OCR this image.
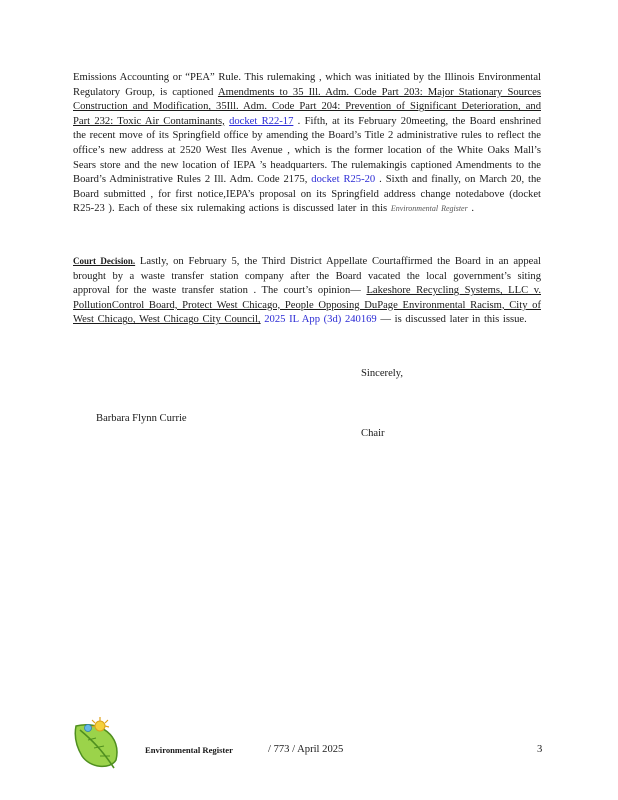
Emissions Accounting or “PEA” Rule. This rulemaking , which was initiated by the Illinois Environmental Regulatory Group, is captioned Amendments to 35 Ill. Adm. Code Part 203: Major Stationary Sources Construction and Modification, 35Ill. Adm. Code Part 204: Prevention of Significant Deterioration, and Part 232: Toxic Air Contaminants, docket R22-17 . Fifth, at its February 20meeting, the Board enshrined the recent move of its Springfield office by amending the Board’s Title 2 administrative rules to reflect the office’s new address at 2520 West Iles Avenue , which is the former location of the White Oaks Mall’s Sears store and the new location of IEPA ’s headquarters. The rulemakingis captioned Amendments to the Board’s Administrative Rules 2 Ill. Adm. Code 2175, docket R25-20 . Sixth and finally, on March 20, the Board submitted , for first notice,IEPA’s proposal on its Springfield address change notedabove (docket R25-23 ). Each of these six rulemaking actions is discussed later in this Environmental Register .
Court Decision. Lastly, on February 5, the Third District Appellate Courtaffirmed the Board in an appeal brought by a waste transfer station company after the Board vacated the local government’s siting approval for the waste transfer station . The court’s opinion— Lakeshore Recycling Systems, LLC v. PollutionControl Board, Protect West Chicago, People Opposing DuPage Environmental Racism, City of West Chicago, West Chicago City Council, 2025 IL App (3d) 240169 — is discussed later in this issue.
Sincerely,
Barbara Flynn Currie
Chair
Environmental Register	/ 773 / April 2025	3
